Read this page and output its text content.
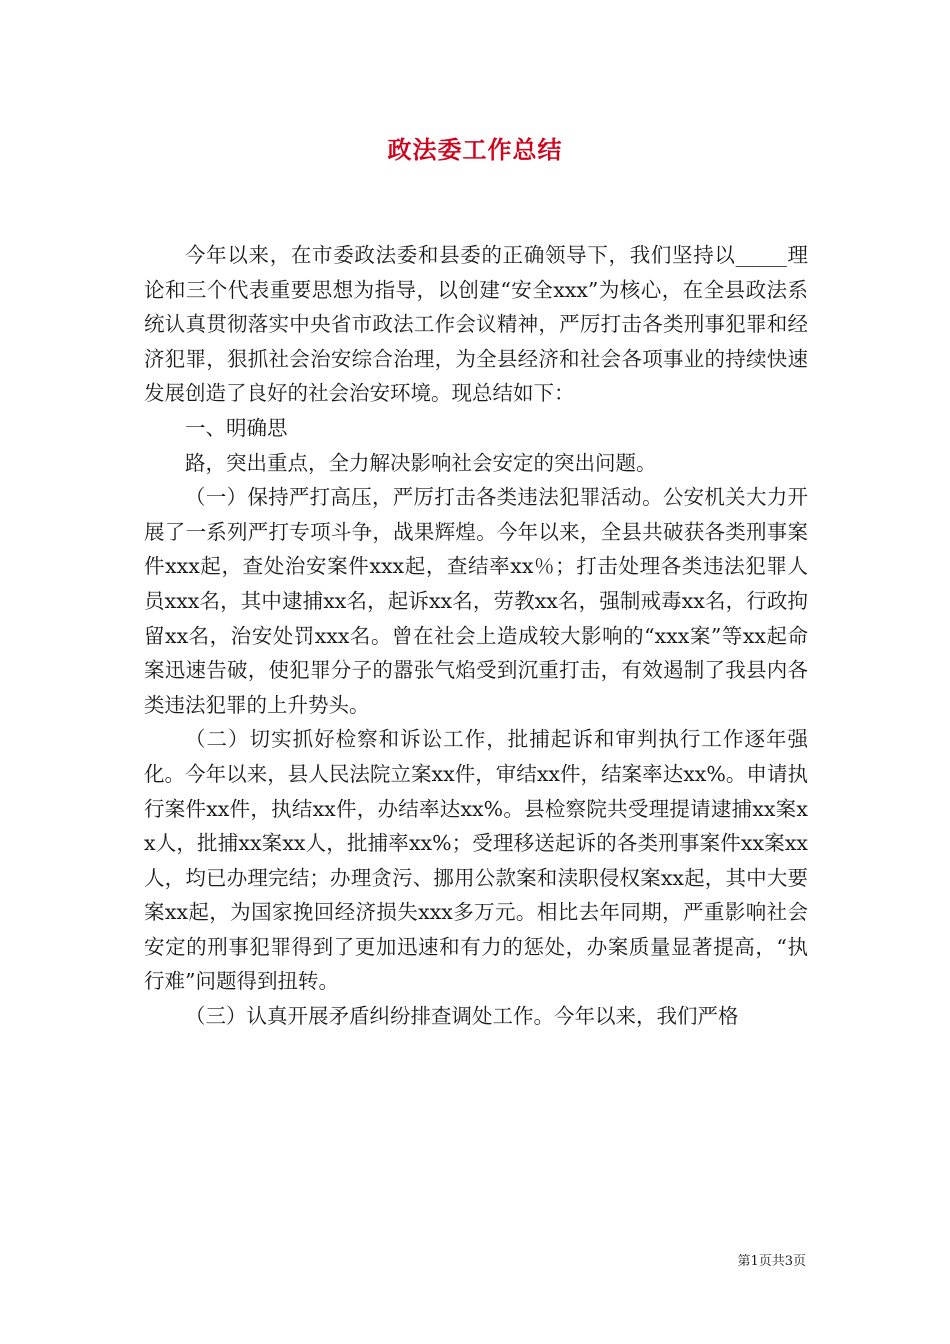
政法委工作总结

今年以来，在市委政法委和县委的正确领导下，我们坚持以_____理论和三个代表重要思想为指导，以创建“安全xxx”为核心，在全县政法系统认真贯彻落实中央省市政法工作会议精神，严厉打击各类刑事犯罪和经济犯罪，狠抓社会治安综合治理，为全县经济和社会各项事业的持续快速发展创造了良好的社会治安环境。现总结如下：

一、明确思

路，突出重点，全力解决影响社会安定的突出问题。

（一）保持严打高压，严厉打击各类违法犯罪活动。公安机关大力开展了一系列严打专项斗争，战果辉煌。今年以来，全县共破获各类刑事案件xxx起，查处治安案件xxx起，查结率xx％；打击处理各类违法犯罪人员xxx名，其中逮捕xx名，起诉xx名，劳教xx名，强制戒毒xx名，行政拘留xx名，治安处罚xxx名。曾在社会上造成较大影响的“xxx案”等xx起命案迅速告破，使犯罪分子的嚣张气焰受到沉重打击，有效遏制了我县内各类违法犯罪的上升势头。

（二）切实抓好检察和诉讼工作，批捕起诉和审判执行工作逐年强化。今年以来，县人民法院立案xx件，审结xx件，结案率达xx%。申请执行案件xx件，执结xx件，办结率达xx%。县检察院共受理提请逮捕xx案xx人，批捕xx案xx人，批捕率xx%；受理移送起诉的各类刑事案件xx案xx人，均已办理完结；办理贪污、挪用公款案和渎职侵权案xx起，其中大要案xx起，为国家挽回经济损失xxx多万元。相比去年同期，严重影响社会安定的刑事犯罪得到了更加迅速和有力的惩处，办案质量显著提高，“执行难”问题得到扭转。

（三）认真开展矛盾纠纷排查调处工作。今年以来，我们严格

第1页共3页
